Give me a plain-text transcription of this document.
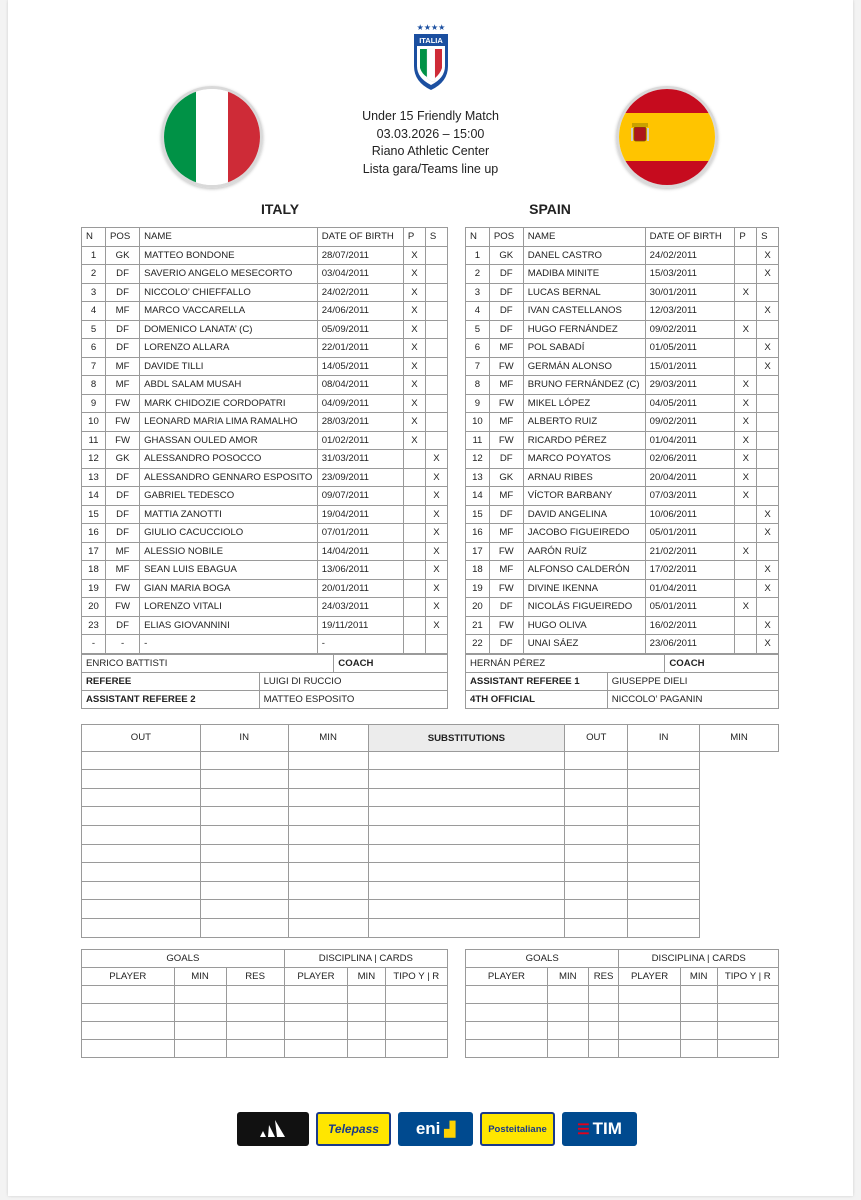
★★★★
ITALIA
Under 15 Friendly Match
03.03.2026 – 15:00
Riano Athletic Center
Lista gara/Teams line up
ITALY	SPAIN
N	POS	NAME	DATE OF BIRTH	P	S
1	GK	MATTEO BONDONE	28/07/2011	X	
2	DF	SAVERIO ANGELO MESECORTO	03/04/2011	X	
3	DF	NICCOLO’ CHIEFFALLO	24/02/2011	X	
4	MF	MARCO VACCARELLA	24/06/2011	X	
5	DF	DOMENICO LANATA’ (C)	05/09/2011	X	
6	DF	LORENZO ALLARA	22/01/2011	X	
7	MF	DAVIDE TILLI	14/05/2011	X	
8	MF	ABDL SALAM MUSAH	08/04/2011	X	
9	FW	MARK CHIDOZIE CORDOPATRI	04/09/2011	X	
10	FW	LEONARD MARIA LIMA RAMALHO	28/03/2011	X	
11	FW	GHASSAN OULED AMOR	01/02/2011	X	
12	GK	ALESSANDRO POSOCCO	31/03/2011		X
13	DF	ALESSANDRO GENNARO ESPOSITO	23/09/2011		X
14	DF	GABRIEL TEDESCO	09/07/2011		X
15	DF	MATTIA ZANOTTI	19/04/2011		X
16	DF	GIULIO CACUCCIOLO	07/01/2011		X
17	MF	ALESSIO NOBILE	14/04/2011		X
18	MF	SEAN LUIS EBAGUA	13/06/2011		X
19	FW	GIAN MARIA BOGA	20/01/2011		X
20	FW	LORENZO VITALI	24/03/2011		X
23	DF	ELIAS GIOVANNINI	19/11/2011		X
-	-	-	-		
N	POS	NAME	DATE OF BIRTH	P	S
1	GK	DANEL CASTRO	24/02/2011		X
2	DF	MADIBA MINITE	15/03/2011		X
3	DF	LUCAS BERNAL	30/01/2011	X	
4	DF	IVAN CASTELLANOS	12/03/2011		X
5	DF	HUGO FERNÁNDEZ	09/02/2011	X	
6	MF	POL SABADÍ	01/05/2011		X
7	FW	GERMÁN ALONSO	15/01/2011		X
8	MF	BRUNO FERNÁNDEZ (C)	29/03/2011	X	
9	FW	MIKEL LÓPEZ	04/05/2011	X	
10	MF	ALBERTO RUIZ	09/02/2011	X	
11	FW	RICARDO PÉREZ	01/04/2011	X	
12	DF	MARCO POYATOS	02/06/2011	X	
13	GK	ARNAU RIBES	20/04/2011	X	
14	MF	VÍCTOR BARBANY	07/03/2011	X	
15	DF	DAVID ANGELINA	10/06/2011		X
16	MF	JACOBO FIGUEIREDO	05/01/2011		X
17	FW	AARÓN RUÍZ	21/02/2011	X	
18	MF	ALFONSO CALDERÓN	17/02/2011		X
19	FW	DIVINE IKENNA	01/04/2011		X
20	DF	NICOLÁS FIGUEIREDO	05/01/2011	X	
21	FW	HUGO OLIVA	16/02/2011		X
22	DF	UNAI SÁEZ	23/06/2011		X
ENRICO BATTISTI	COACH
REFEREE	LUIGI DI RUCCIO
ASSISTANT REFEREE 2	MATTEO ESPOSITO
HERNÁN PÉREZ	COACH
ASSISTANT REFEREE 1	GIUSEPPE DIELI
4TH OFFICIAL	NICCOLO’ PAGANIN
OUT	IN	MIN	SUBSTITUTIONS	OUT	IN	MIN

GOALS			DISCIPLINA | CARDS		
PLAYER	MIN	RES	PLAYER	MIN	TIPO Y | R

GOALS			DISCIPLINA | CARDS		
PLAYER	MIN	RES	PLAYER	MIN	TIPO Y | R

Telepass eni ▟	Posteitaliane ☰ TIM
